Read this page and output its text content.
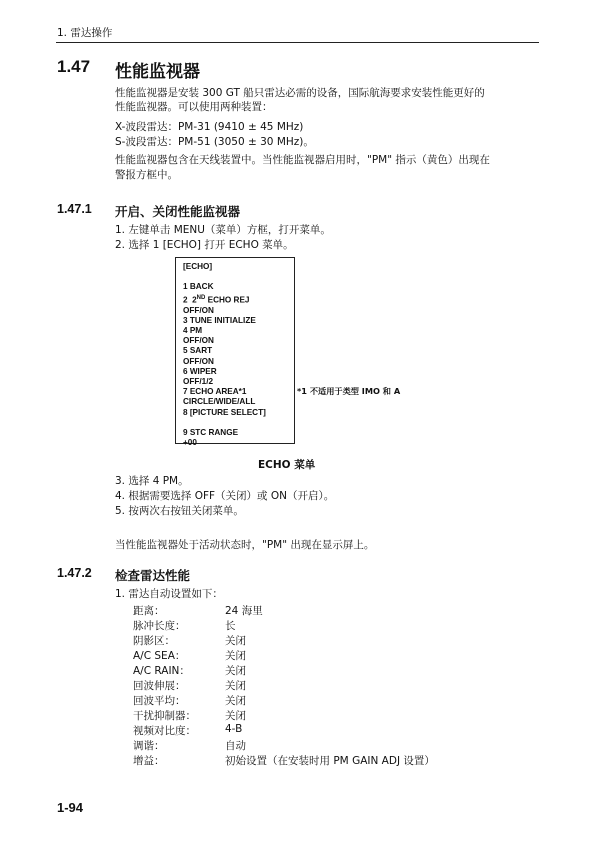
1. 雷达操作
1.47 性能监视器
性能监视器是安装 300 GT 船只雷达必需的设备，国际航海要求安装性能更好的
性能监视器。可以使用两种装置：
X-波段雷达：PM-31 (9410 ± 45 MHz)
S-波段雷达：PM-51 (3050 ± 30 MHz)。
性能监视器包含在天线装置中。当性能监视器启用时，"PM" 指示（黄色）出现在
警报方框中。
1.47.1 开启、关闭性能监视器
1. 左键单击 MENU（菜单）方框，打开菜单。
2. 选择 1 [ECHO] 打开 ECHO 菜单。
[ECHO]

1 BACK
2  2ND ECHO REJ
OFF/ON
3 TUNE INITIALIZE
4 PM
OFF/ON
5 SART
OFF/ON
6 WIPER
OFF/1/2
7 ECHO AREA*1
CIRCLE/WIDE/ALL
8 [PICTURE SELECT]

9 STC RANGE
+00
*1 不适用于类型 IMO 和 A
ECHO 菜单
3. 选择 4 PM。
4. 根据需要选择 OFF（关闭）或 ON（开启）。
5. 按两次右按钮关闭菜单。
当性能监视器处于活动状态时，"PM" 出现在显示屏上。
1.47.2 检查雷达性能
1. 雷达自动设置如下：
距离：	24 海里
脉冲长度：	长
阴影区：	关闭
A/C SEA：	关闭
A/C RAIN：	关闭
回波伸展：	关闭
回波平均：	关闭
干扰抑制器：	关闭
视频对比度：	4-B
调谐：	自动
增益：	初始设置（在安装时用 PM GAIN ADJ 设置）
1-94
